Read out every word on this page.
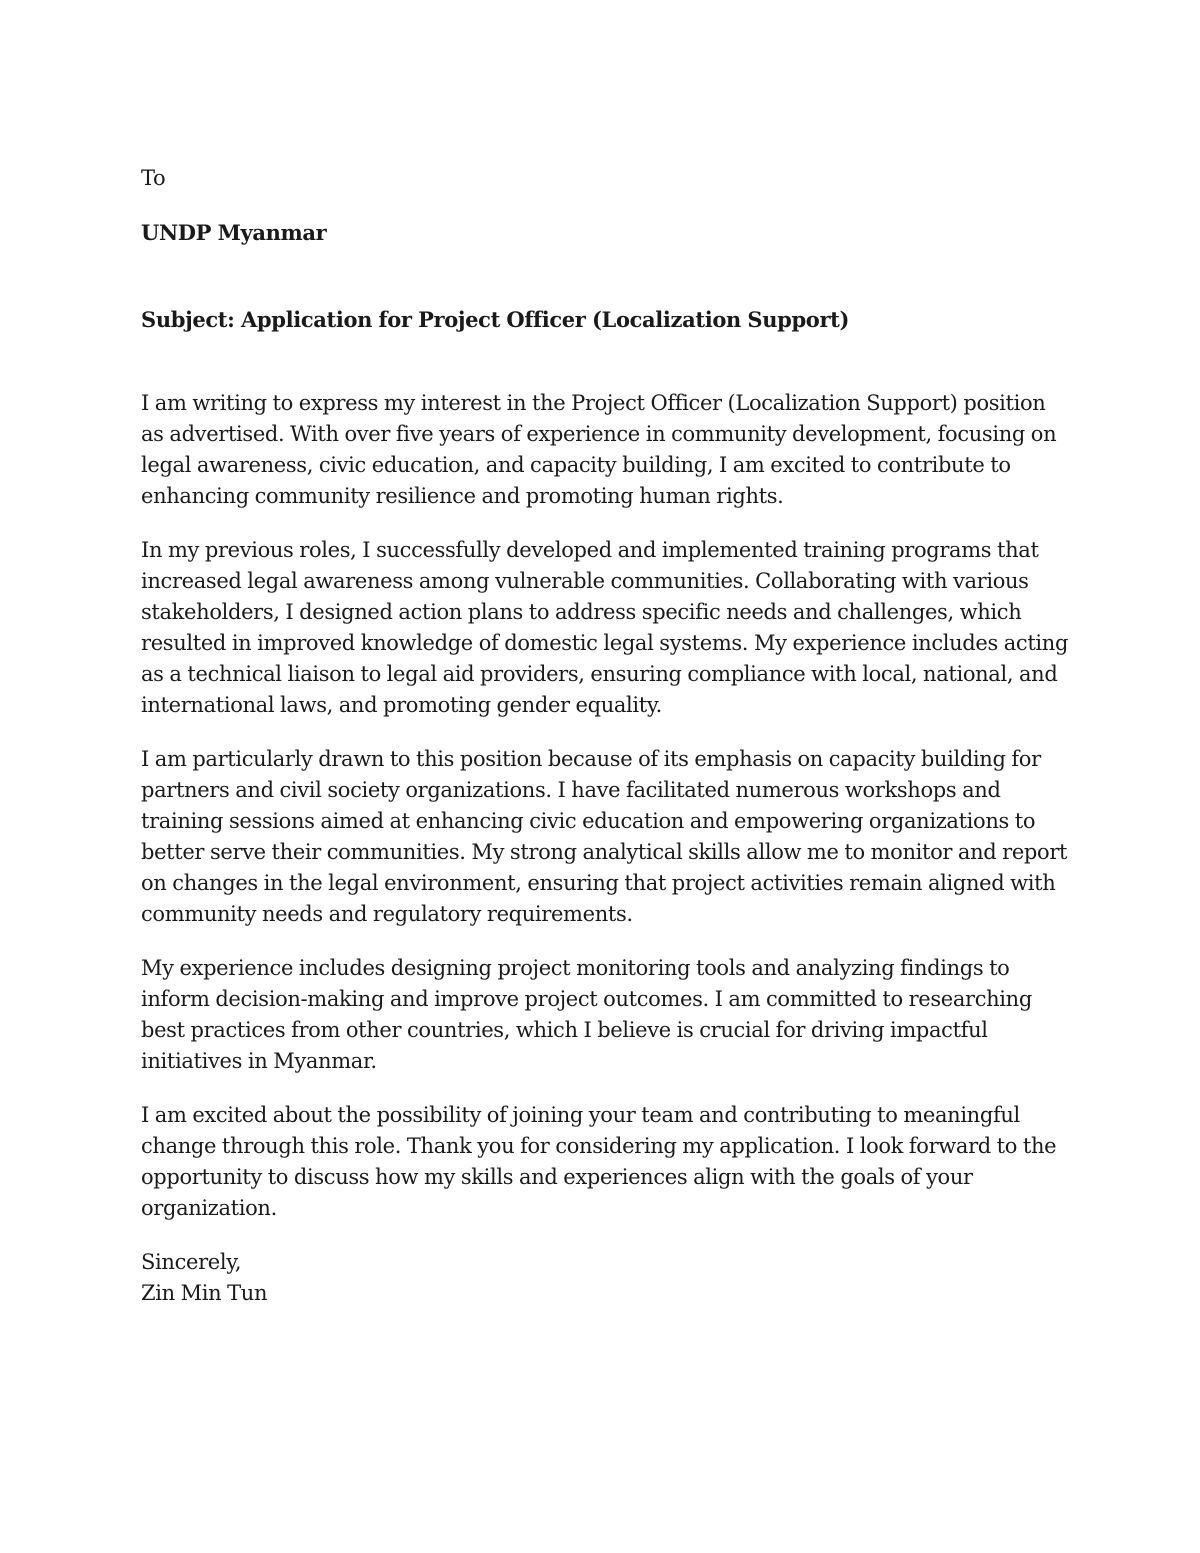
To

UNDP Myanmar

Subject: Application for Project Officer (Localization Support)

I am writing to express my interest in the Project Officer (Localization Support) position as advertised. With over five years of experience in community development, focusing on legal awareness, civic education, and capacity building, I am excited to contribute to enhancing community resilience and promoting human rights.

In my previous roles, I successfully developed and implemented training programs that increased legal awareness among vulnerable communities. Collaborating with various stakeholders, I designed action plans to address specific needs and challenges, which resulted in improved knowledge of domestic legal systems. My experience includes acting as a technical liaison to legal aid providers, ensuring compliance with local, national, and international laws, and promoting gender equality.

I am particularly drawn to this position because of its emphasis on capacity building for partners and civil society organizations. I have facilitated numerous workshops and training sessions aimed at enhancing civic education and empowering organizations to better serve their communities. My strong analytical skills allow me to monitor and report on changes in the legal environment, ensuring that project activities remain aligned with community needs and regulatory requirements.

My experience includes designing project monitoring tools and analyzing findings to inform decision-making and improve project outcomes. I am committed to researching best practices from other countries, which I believe is crucial for driving impactful initiatives in Myanmar.

I am excited about the possibility of joining your team and contributing to meaningful change through this role. Thank you for considering my application. I look forward to the opportunity to discuss how my skills and experiences align with the goals of your organization.

Sincerely,

Zin Min Tun
